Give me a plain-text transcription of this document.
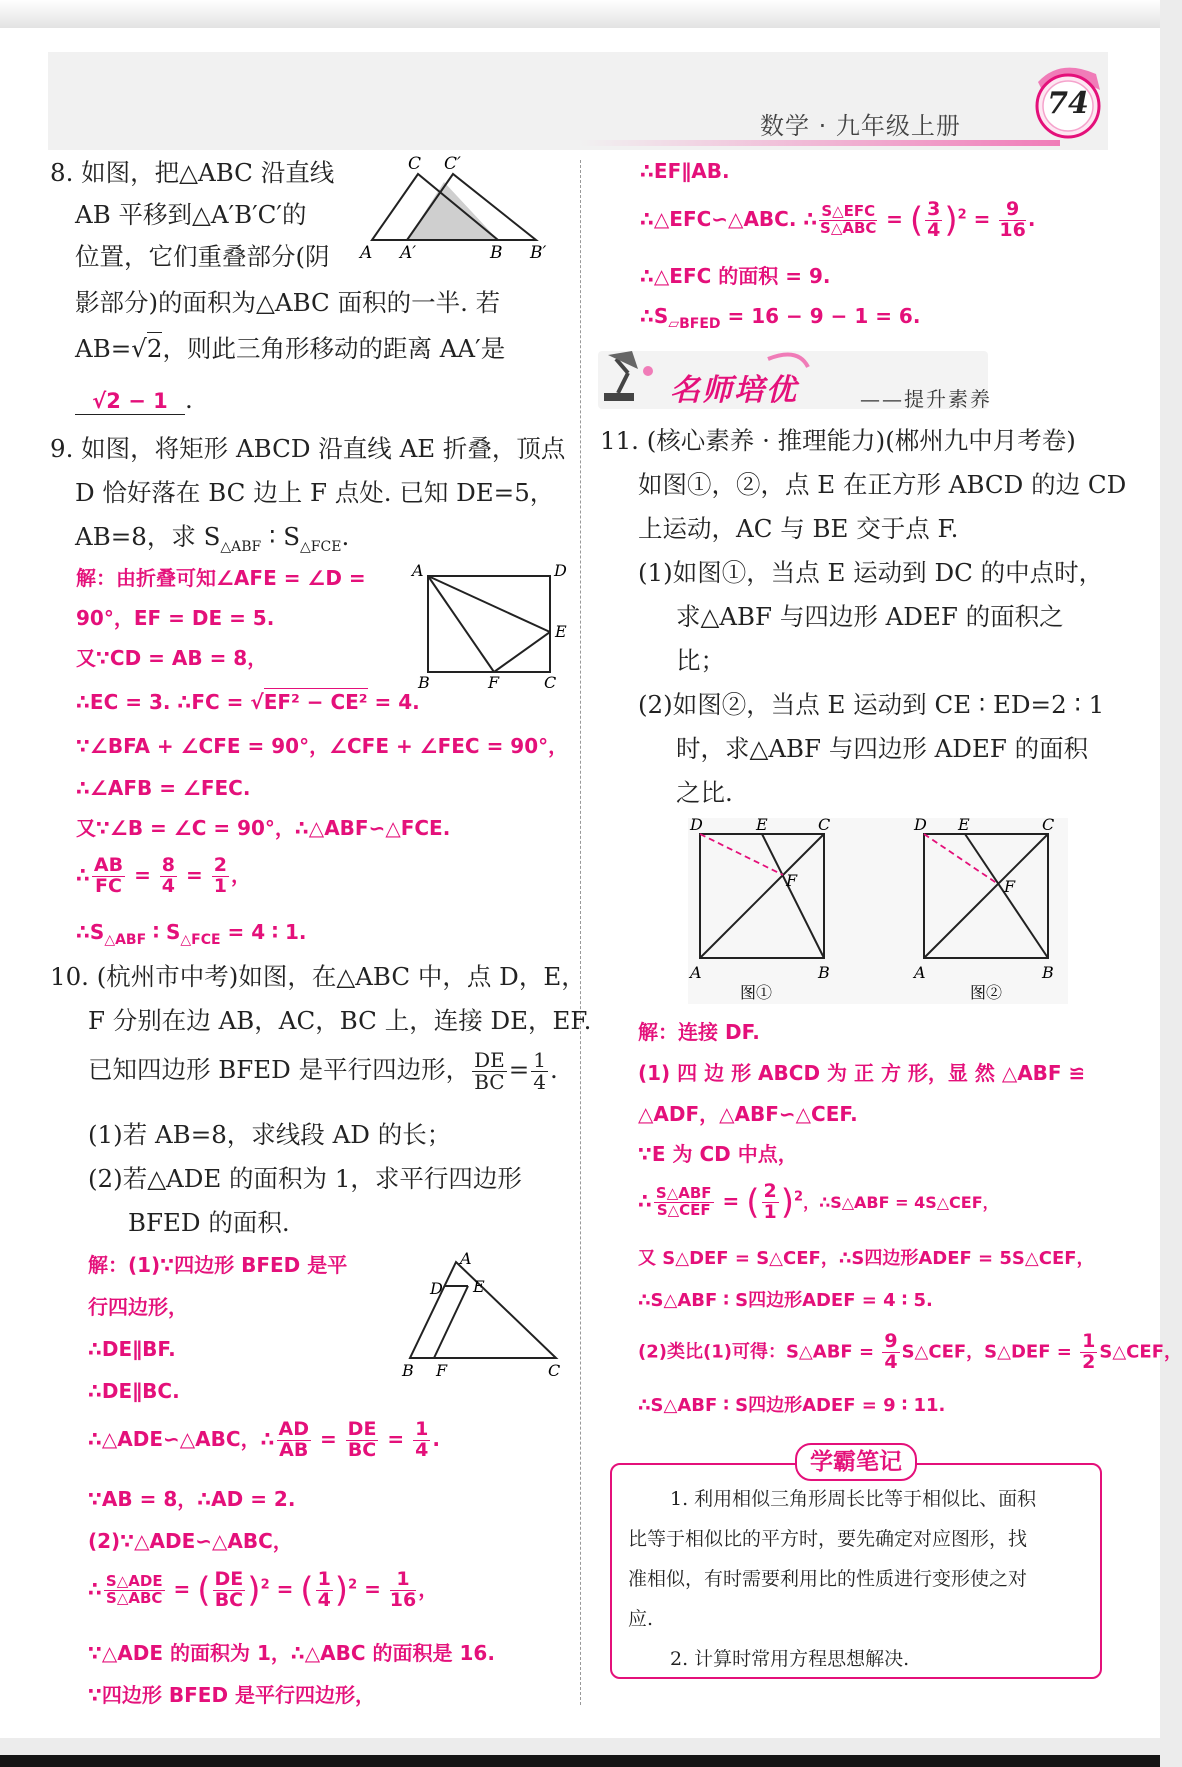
数学 · 九年级上册
74
8. 如图，把△ABC 沿直线
AB 平移到△A′B′C′的
位置，它们重叠部分(阴
影部分)的面积为△ABC 面积的一半. 若
AB=√2，则此三角形移动的距离 AA′是
√2 − 1 .
C C′
A A′	B B′
9. 如图，将矩形 ABCD 沿直线 AE 折叠，顶点
D 恰好落在 BC 边上 F 点处. 已知 DE=5，
AB=8，求 $S_{\triangle ABF}$ ∶ $S_{\triangle FCE}$.
解：由折叠可知∠AFE = ∠D =
90°，EF = DE = 5.
又∵CD = AB = 8，
∴EC = 3. ∴FC = √EF² − CE² = 4.
∵∠BFA + ∠CFE = 90°，∠CFE + ∠FEC = 90°，
∴∠AFB = ∠FEC.
又∵∠B = ∠C = 90°，∴△ABF∽△FCE.
∴ $\frac{AB}{FC} = \frac{8}{4} = \frac{2}{1}$ ，
$\therefore S_{\triangle ABF}$ ∶ $S_{\triangle FCE} = 4$ ∶ 1.
A	D
E
B	F	C
10. (杭州市中考)如图，在△ABC 中，点 D，E，
F 分别在边 AB，AC，BC 上，连接 DE，EF.
已知四边形 BFED 是平行四边形， $\frac{DE}{BC} = \frac{1}{4}$ .
(1)若 AB=8，求线段 AD 的长；
(2)若△ADE 的面积为 1，求平行四边形
BFED 的面积.
解：(1)∵四边形 BFED 是平
行四边形，
∴DE∥BF.
∴DE∥BC.
∴△ADE∽△ABC，∴ $\frac{AD}{AB} = \frac{DE}{BC} = \frac{1}{4}$ .
∵AB = 8，∴AD = 2.
(2)∵△ADE∽△ABC，
∴ $\frac{\text{S△ADE}}{\text{S△ABC}}$ = ( $\frac{DE}{BC} )^2$ = ( $\frac{1}{4} )^2 = \frac{1}{16}$ ，
∵△ADE 的面积为 1，∴△ABC 的面积是 16.
∵四边形 BFED 是平行四边形，
A
D E
B F	C
∴EF∥AB.
∴△EFC∽△ABC. ∴ $\frac{\text{S△EFC}}{\text{S△ABC}}$ = ( $\frac{3}{4} )^2 = \frac{9}{16}$ .
∴△EFC 的面积 = 9.
$\therefore S_{▱BFED} = 16 - 9 - 1 = 6$.
名师培优	——提升素养
11. (核心素养 · 推理能力)(郴州九中月考卷)
如图①，②，点 E 在正方形 ABCD 的边 CD
上运动，AC 与 BE 交于点 F.
(1)如图①，当点 E 运动到 DC 的中点时，
求△ABF 与四边形 ADEF 的面积之
比；
(2)如图②，当点 E 运动到 CE ∶ ED=2 ∶ 1
时，求△ABF 与四边形 ADEF 的面积
之比.
D	E	C
F
A	B
图①
D E	C
F
A	B
图②
解：连接 DF.
(1) 四 边 形 ABCD 为 正 方 形，显 然 △ABF ≌
△ADF，△ABF∽△CEF.
∵E 为 CD 中点，
∴ $\frac{\text{S△ABF}}{\text{S△CEF}}$ = ( $\frac{2}{1} )^2$，∴S△ABF = 4S△CEF，
又 S△DEF = S△CEF，∴S四边形ADEF = 5S△CEF，
∴S△ABF ∶ S四边形ADEF = 4 ∶ 5.
(2)类比(1)可得：S△ABF = $\frac{9}{4}$ S△CEF，S△DEF = $\frac{1}{2}$ S△CEF，
∴S△ABF ∶ S四边形ADEF = 9 ∶ 11.
学霸笔记
1. 利用相似三角形周长比等于相似比、面积
比等于相似比的平方时，要先确定对应图形，找
准相似，有时需要利用比的性质进行变形使之对
应.
2. 计算时常用方程思想解决.
